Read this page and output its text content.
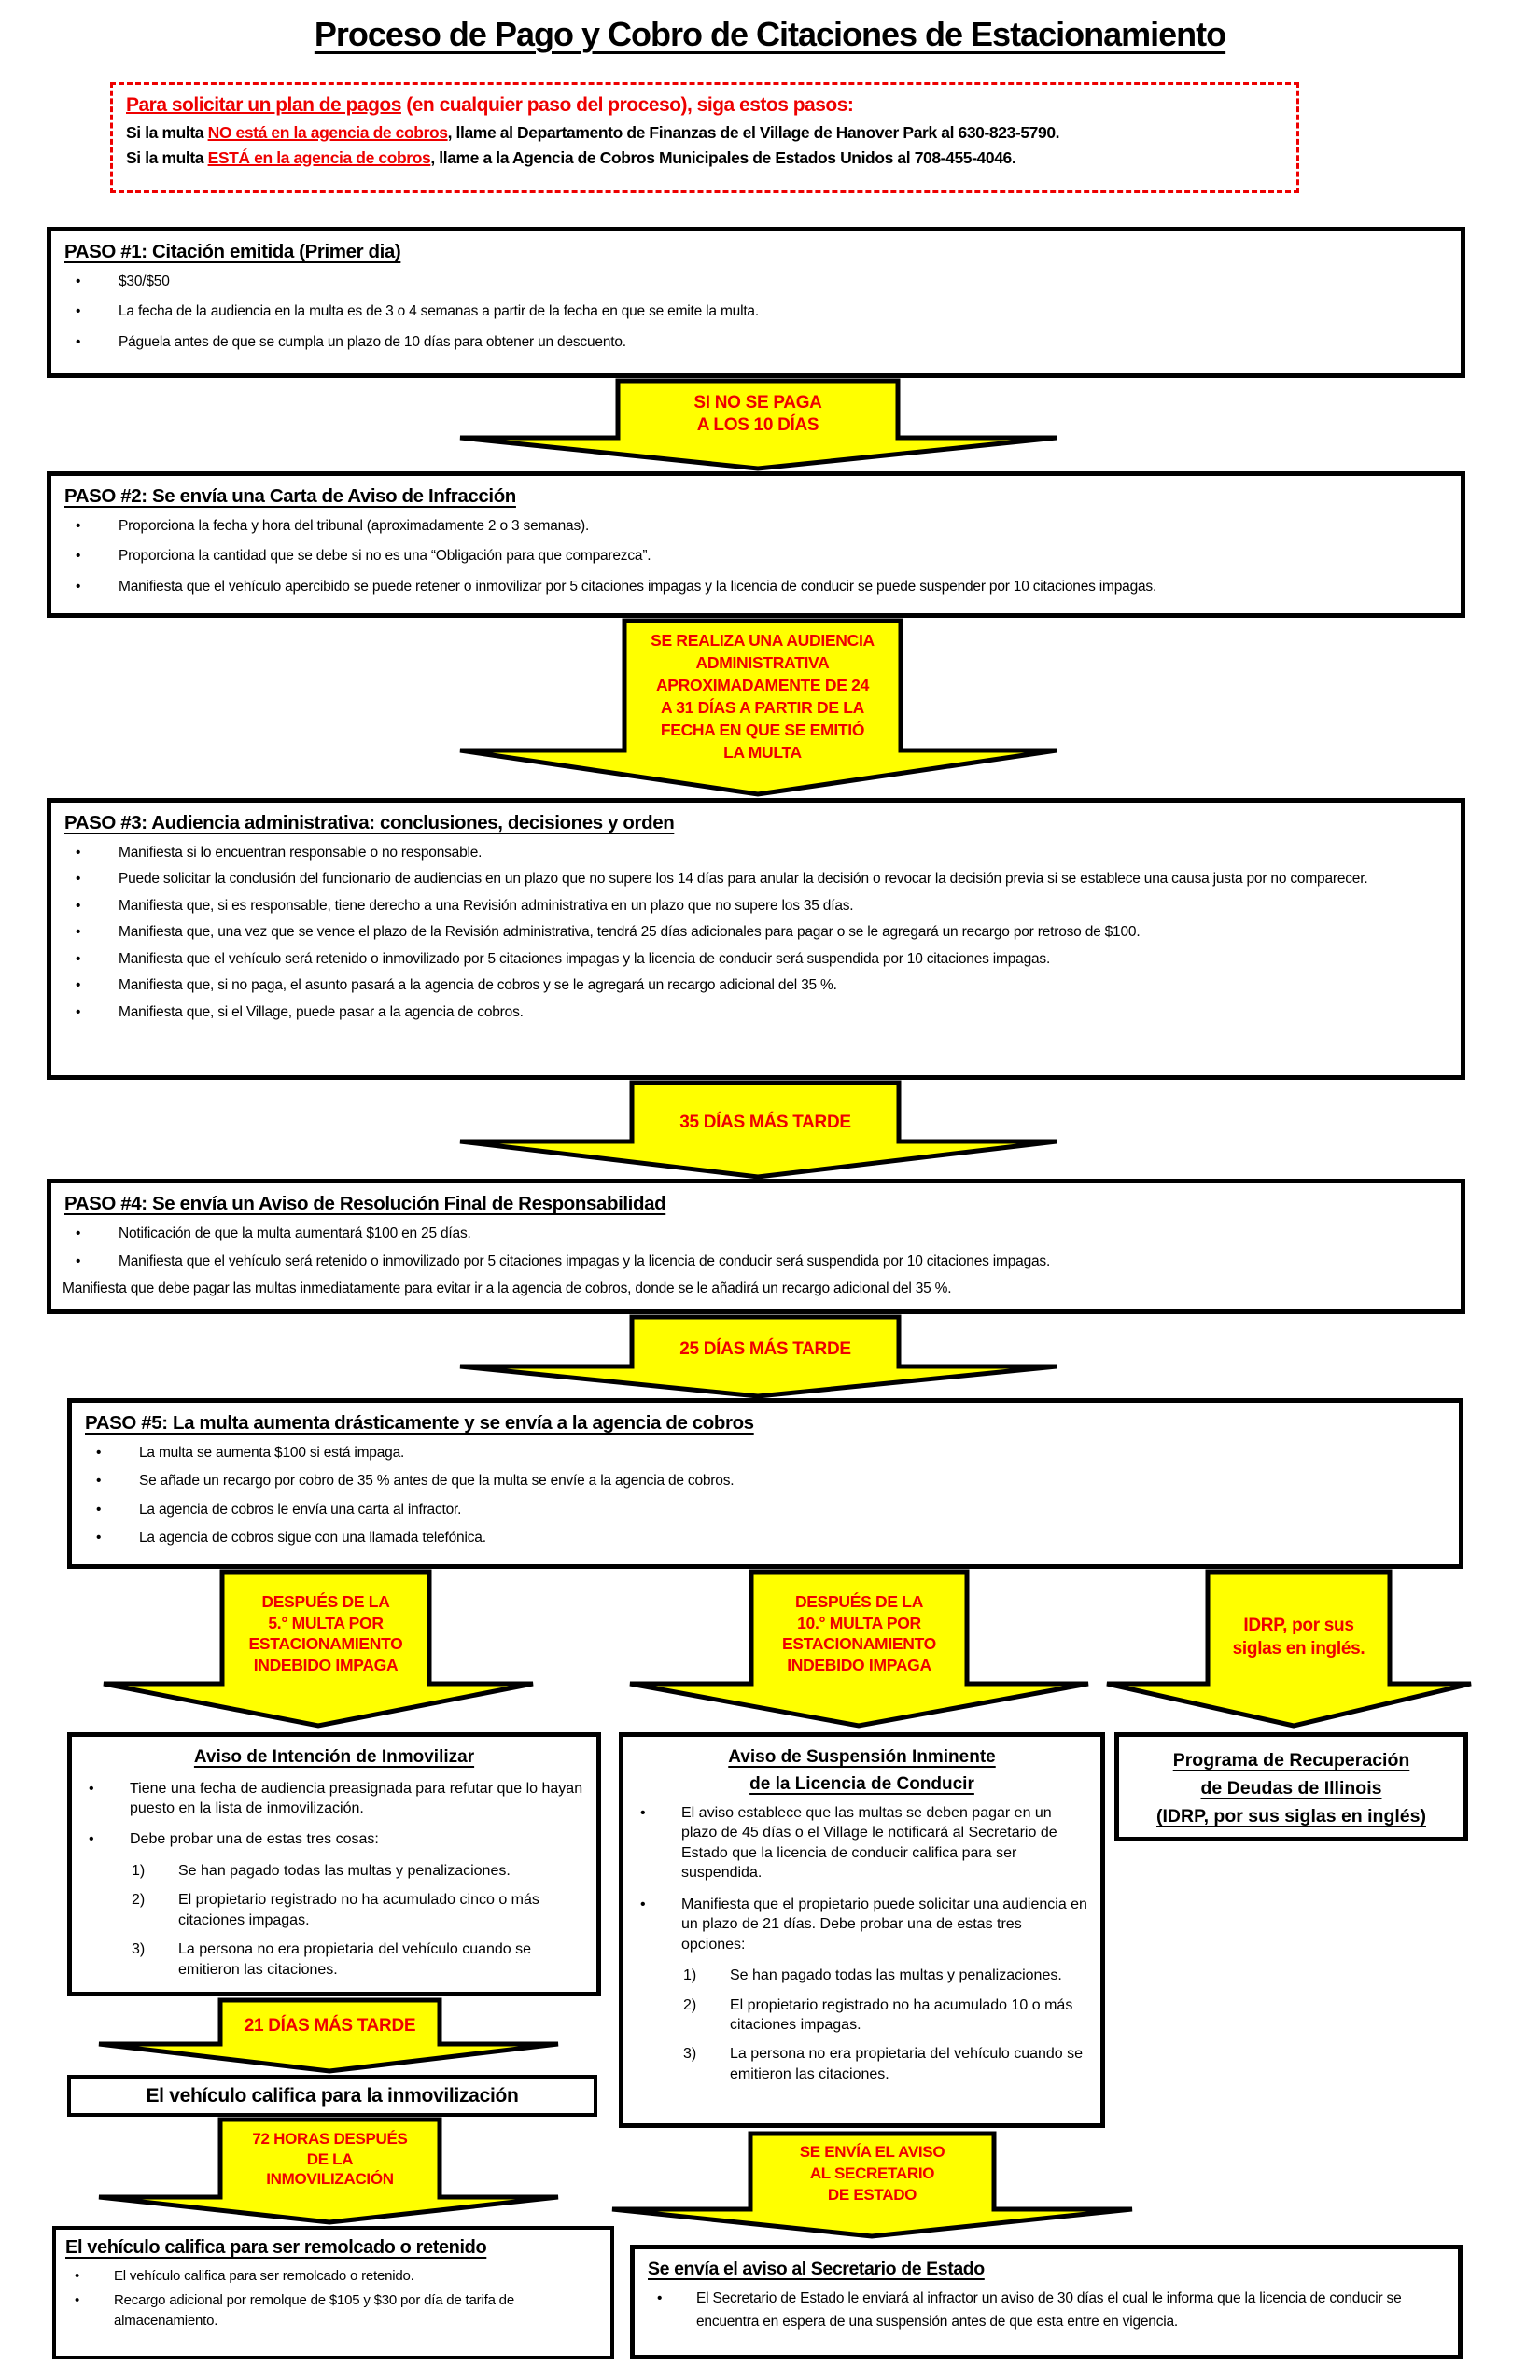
Proceso de Pago y Cobro de Citaciones de Estacionamiento
Para solicitar un plan de pagos (en cualquier paso del proceso), siga estos pasos:
Si la multa NO está en la agencia de cobros, llame al Departamento de Finanzas de el Village de Hanover Park al 630-823-5790.
Si la multa ESTÁ en la agencia de cobros, llame a la Agencia de Cobros Municipales de Estados Unidos al 708-455-4046.
PASO #1: Citación emitida (Primer dia)
•	$30/$50
•	La fecha de la audiencia en la multa es de 3 o 4 semanas a partir de la fecha en que se emite la multa.
•	Páguela antes de que se cumpla un plazo de 10 días para obtener un descuento.
SI NO SE PAGA
A LOS 10 DÍAS
PASO #2: Se envía una Carta de Aviso de Infracción
•	Proporciona la fecha y hora del tribunal (aproximadamente 2 o 3 semanas).
•	Proporciona la cantidad que se debe si no es una “Obligación para que comparezca”.
•	Manifiesta que el vehículo apercibido se puede retener o inmovilizar por 5 citaciones impagas y la licencia de conducir se puede suspender por 10 citaciones impagas.
SE REALIZA UNA AUDIENCIA
ADMINISTRATIVA
APROXIMADAMENTE DE 24
A 31 DÍAS A PARTIR DE LA
FECHA EN QUE SE EMITIÓ
LA MULTA
PASO #3: Audiencia administrativa: conclusiones, decisiones y orden
•	Manifiesta si lo encuentran responsable o no responsable.
•	Puede solicitar la conclusión del funcionario de audiencias en un plazo que no supere los 14 días para anular la decisión o revocar la decisión previa si se establece una causa justa por no comparecer.
•	Manifiesta que, si es responsable, tiene derecho a una Revisión administrativa en un plazo que no supere los 35 días.
•	Manifiesta que, una vez que se vence el plazo de la Revisión administrativa, tendrá 25 días adicionales para pagar o se le agregará un recargo por retroso de $100.
•	Manifiesta que el vehículo será retenido o inmovilizado por 5 citaciones impagas y la licencia de conducir será suspendida por 10 citaciones impagas.
•	Manifiesta que, si no paga, el asunto pasará a la agencia de cobros y se le agregará un recargo adicional del 35 %.
•	Manifiesta que, si el Village, puede pasar a la agencia de cobros.
35 DÍAS MÁS TARDE
PASO #4: Se envía un Aviso de Resolución Final de Responsabilidad
•	Notificación de que la multa aumentará $100 en 25 días.
•	Manifiesta que el vehículo será retenido o inmovilizado por 5 citaciones impagas y la licencia de conducir será suspendida por 10 citaciones impagas.
Manifiesta que debe pagar las multas inmediatamente para evitar ir a la agencia de cobros, donde se le añadirá un recargo adicional del 35 %.
25 DÍAS MÁS TARDE
PASO #5: La multa aumenta drásticamente y se envía a la agencia de cobros
•	La multa se aumenta $100 si está impaga.
•	Se añade un recargo por cobro de 35 % antes de que la multa se envíe a la agencia de cobros.
•	La agencia de cobros le envía una carta al infractor.
•	La agencia de cobros sigue con una llamada telefónica.
DESPUÉS DE LA
5.° MULTA POR
ESTACIONAMIENTO
INDEBIDO IMPAGA
DESPUÉS DE LA
10.° MULTA POR
ESTACIONAMIENTO
INDEBIDO IMPAGA
IDRP, por sus
siglas en inglés.
Aviso de Intención de Inmovilizar
•	Tiene una fecha de audiencia preasignada para refutar que lo hayan puesto en la lista de inmovilización.
•	Debe probar una de estas tres cosas:
1)	Se han pagado todas las multas y penalizaciones.
2)	El propietario registrado no ha acumulado cinco o más citaciones impagas.
3)	La persona no era propietaria del vehículo cuando se emitieron las citaciones.
Aviso de Suspensión Inminente
de la Licencia de Conducir
•	El aviso establece que las multas se deben pagar en un plazo de 45 días o el Village le notificará al Secretario de Estado que la licencia de conducir califica para ser suspendida.
•	Manifiesta que el propietario puede solicitar una audiencia en un plazo de 21 días. Debe probar una de estas tres opciones:
1)	Se han pagado todas las multas y penalizaciones.
2)	El propietario registrado no ha acumulado 10 o más citaciones impagas.
3)	La persona no era propietaria del vehículo cuando se emitieron las citaciones.
Programa de Recuperación
de Deudas de Illinois
(IDRP, por sus siglas en inglés)
21 DÍAS MÁS TARDE
El vehículo califica para la inmovilización
72 HORAS DESPUÉS
DE LA
INMOVILIZACIÓN
El vehículo califica para ser remolcado o retenido
•	El vehículo califica para ser remolcado o retenido.
•	Recargo adicional por remolque de $105 y $30 por día de tarifa de almacenamiento.
SE ENVÍA EL AVISO
AL SECRETARIO
DE ESTADO
Se envía el aviso al Secretario de Estado
•	El Secretario de Estado le enviará al infractor un aviso de 30 días el cual le informa que la licencia de conducir se encuentra en espera de una suspensión antes de que esta entre en vigencia.
